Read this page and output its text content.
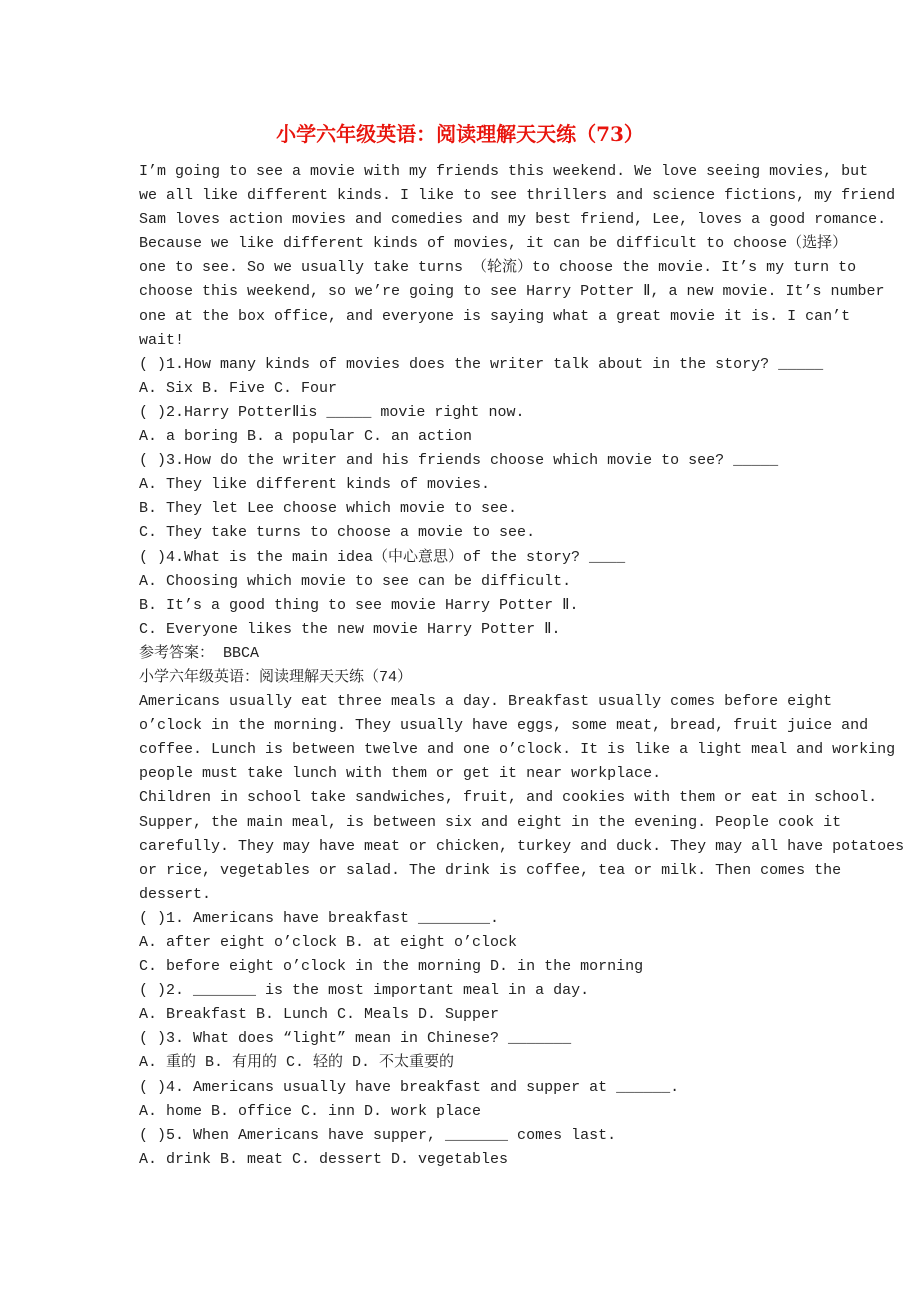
小学六年级英语：阅读理解天天练（73）
I’m going to see a movie with my friends this weekend. We love seeing movies, but
we all like different kinds. I like to see thrillers and science fictions, my friend
Sam loves action movies and comedies and my best friend, Lee, loves a good romance.
Because we like different kinds of movies, it can be difficult to choose（选择）
one to see. So we usually take turns （轮流）to choose the movie. It’s my turn to
choose this weekend, so we’re going to see Harry Potter Ⅱ, a new movie. It’s number
one at the box office, and everyone is saying what a great movie it is. I can’t
wait!
( )1.How many kinds of movies does the writer talk about in the story? _____
A. Six B. Five C. Four
( )2.Harry PotterⅡis _____ movie right now.
A. a boring B. a popular C. an action
( )3.How do the writer and his friends choose which movie to see? _____
A. They like different kinds of movies.
B. They let Lee choose which movie to see.
C. They take turns to choose a movie to see.
( )4.What is the main idea（中心意思）of the story? ____
A. Choosing which movie to see can be difficult.
B. It’s a good thing to see movie Harry Potter Ⅱ.
C. Everyone likes the new movie Harry Potter Ⅱ.
参考答案： BBCA
小学六年级英语：阅读理解天天练（74）
Americans usually eat three meals a day. Breakfast usually comes before eight
o’clock in the morning. They usually have eggs, some meat, bread, fruit juice and
coffee. Lunch is between twelve and one o’clock. It is like a light meal and working
people must take lunch with them or get it near workplace.
Children in school take sandwiches, fruit, and cookies with them or eat in school.
Supper, the main meal, is between six and eight in the evening. People cook it
carefully. They may have meat or chicken, turkey and duck. They may all have potatoes
or rice, vegetables or salad. The drink is coffee, tea or milk. Then comes the
dessert.
( )1. Americans have breakfast ________.
A. after eight o’clock B. at eight o’clock
C. before eight o’clock in the morning D. in the morning
( )2. _______ is the most important meal in a day.
A. Breakfast B. Lunch C. Meals D. Supper
( )3. What does “light” mean in Chinese? _______
A. 重的 B. 有用的 C. 轻的 D. 不太重要的
( )4. Americans usually have breakfast and supper at ______.
A. home B. office C. inn D. work place
( )5. When Americans have supper, _______ comes last.
A. drink B. meat C. dessert D. vegetables
